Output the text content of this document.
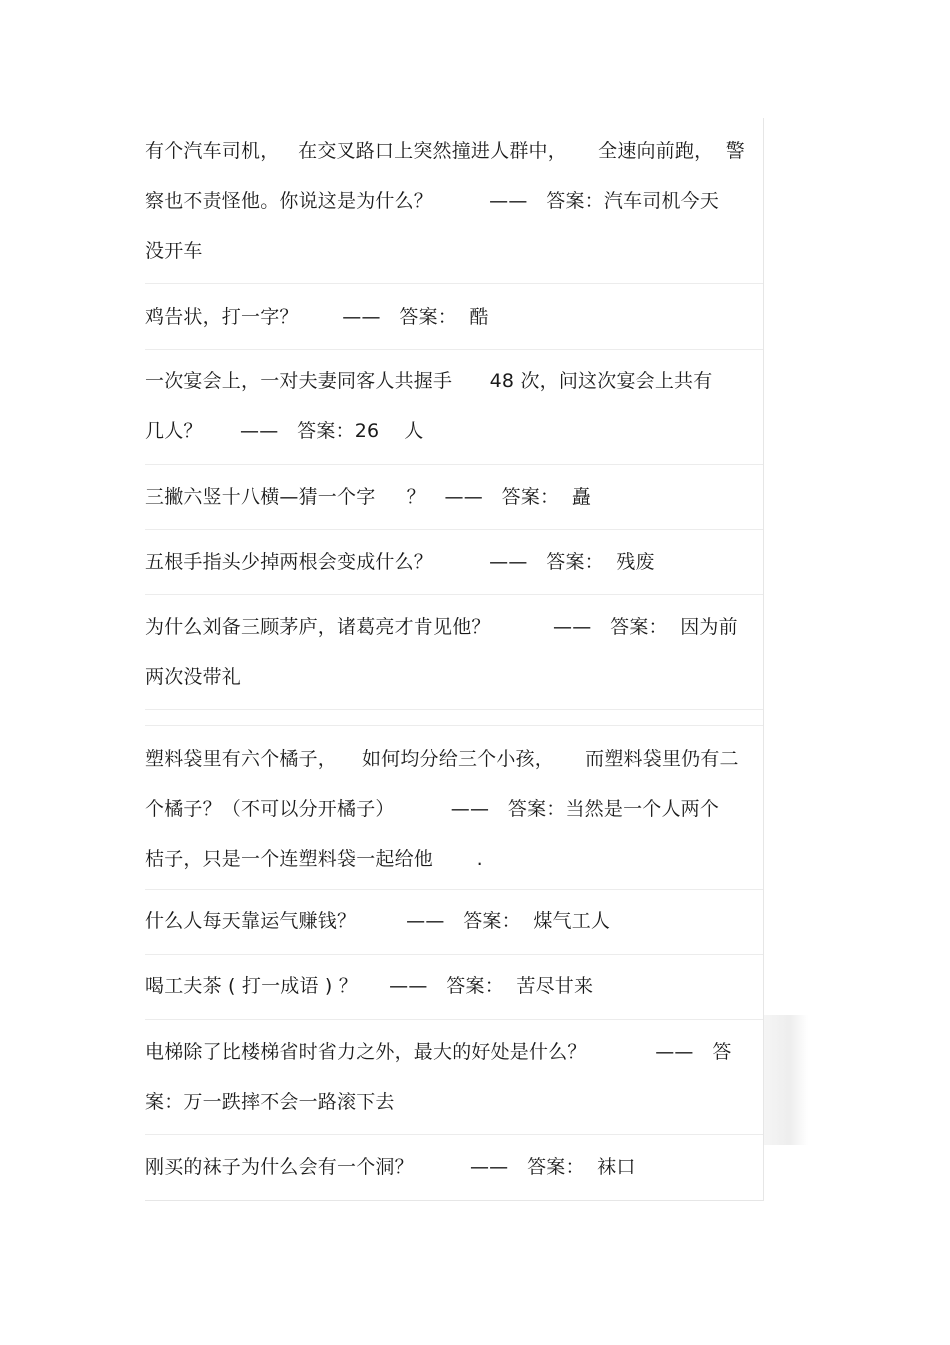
有个汽车司机，   在交叉路口上突然撞进人群中，     全速向前跑，  警
察也不责怪他。你说这是为什么？         ——   答案：汽车司机今天
没开车
鸡告状，打一字？       ——   答案：  酷
一次宴会上，一对夫妻同客人共握手      48 次，问这次宴会上共有
几人？      ——   答案：26    人
三撇六竖十八横—猜一个字     ？   ——   答案：  矗
五根手指头少掉两根会变成什么？         ——   答案：  残废
为什么刘备三顾茅庐，诸葛亮才肯见他？          ——   答案：  因为前
两次没带礼
塑料袋里有六个橘子，    如何均分给三个小孩，     而塑料袋里仍有二
个橘子？（不可以分开橘子）         ——   答案：当然是一个人两个
桔子，只是一个连塑料袋一起给他       .
什么人每天靠运气赚钱？        ——   答案：  煤气工人
喝工夫茶 ( 打一成语 ) ？     ——   答案：  苦尽甘来
电梯除了比楼梯省时省力之外，最大的好处是什么？           ——   答
案：万一跌摔不会一路滚下去
刚买的袜子为什么会有一个洞？         ——   答案：  袜口
